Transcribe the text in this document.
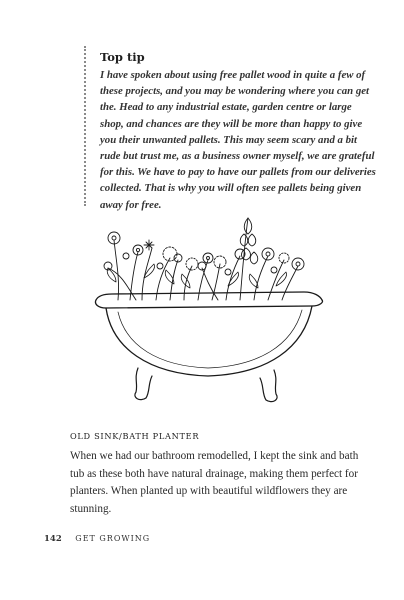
Top tip

I have spoken about using free pallet wood in quite a few of these projects, and you may be wondering where you can get the. Head to any industrial estate, garden centre or large shop, and chances are they will be more than happy to give you their unwanted pallets. This may seem scary and a bit rude but trust me, as a business owner myself, we are grateful for this. We have to pay to have our pallets from our deliveries collected. That is why you will often see pallets being given away for free.

OLD SINK/BATH PLANTER

When we had our bathroom remodelled, I kept the sink and bath tub as these both have natural drainage, making them perfect for planters. When planted up with beautiful wildflowers they are stunning.

142 GET GROWING
